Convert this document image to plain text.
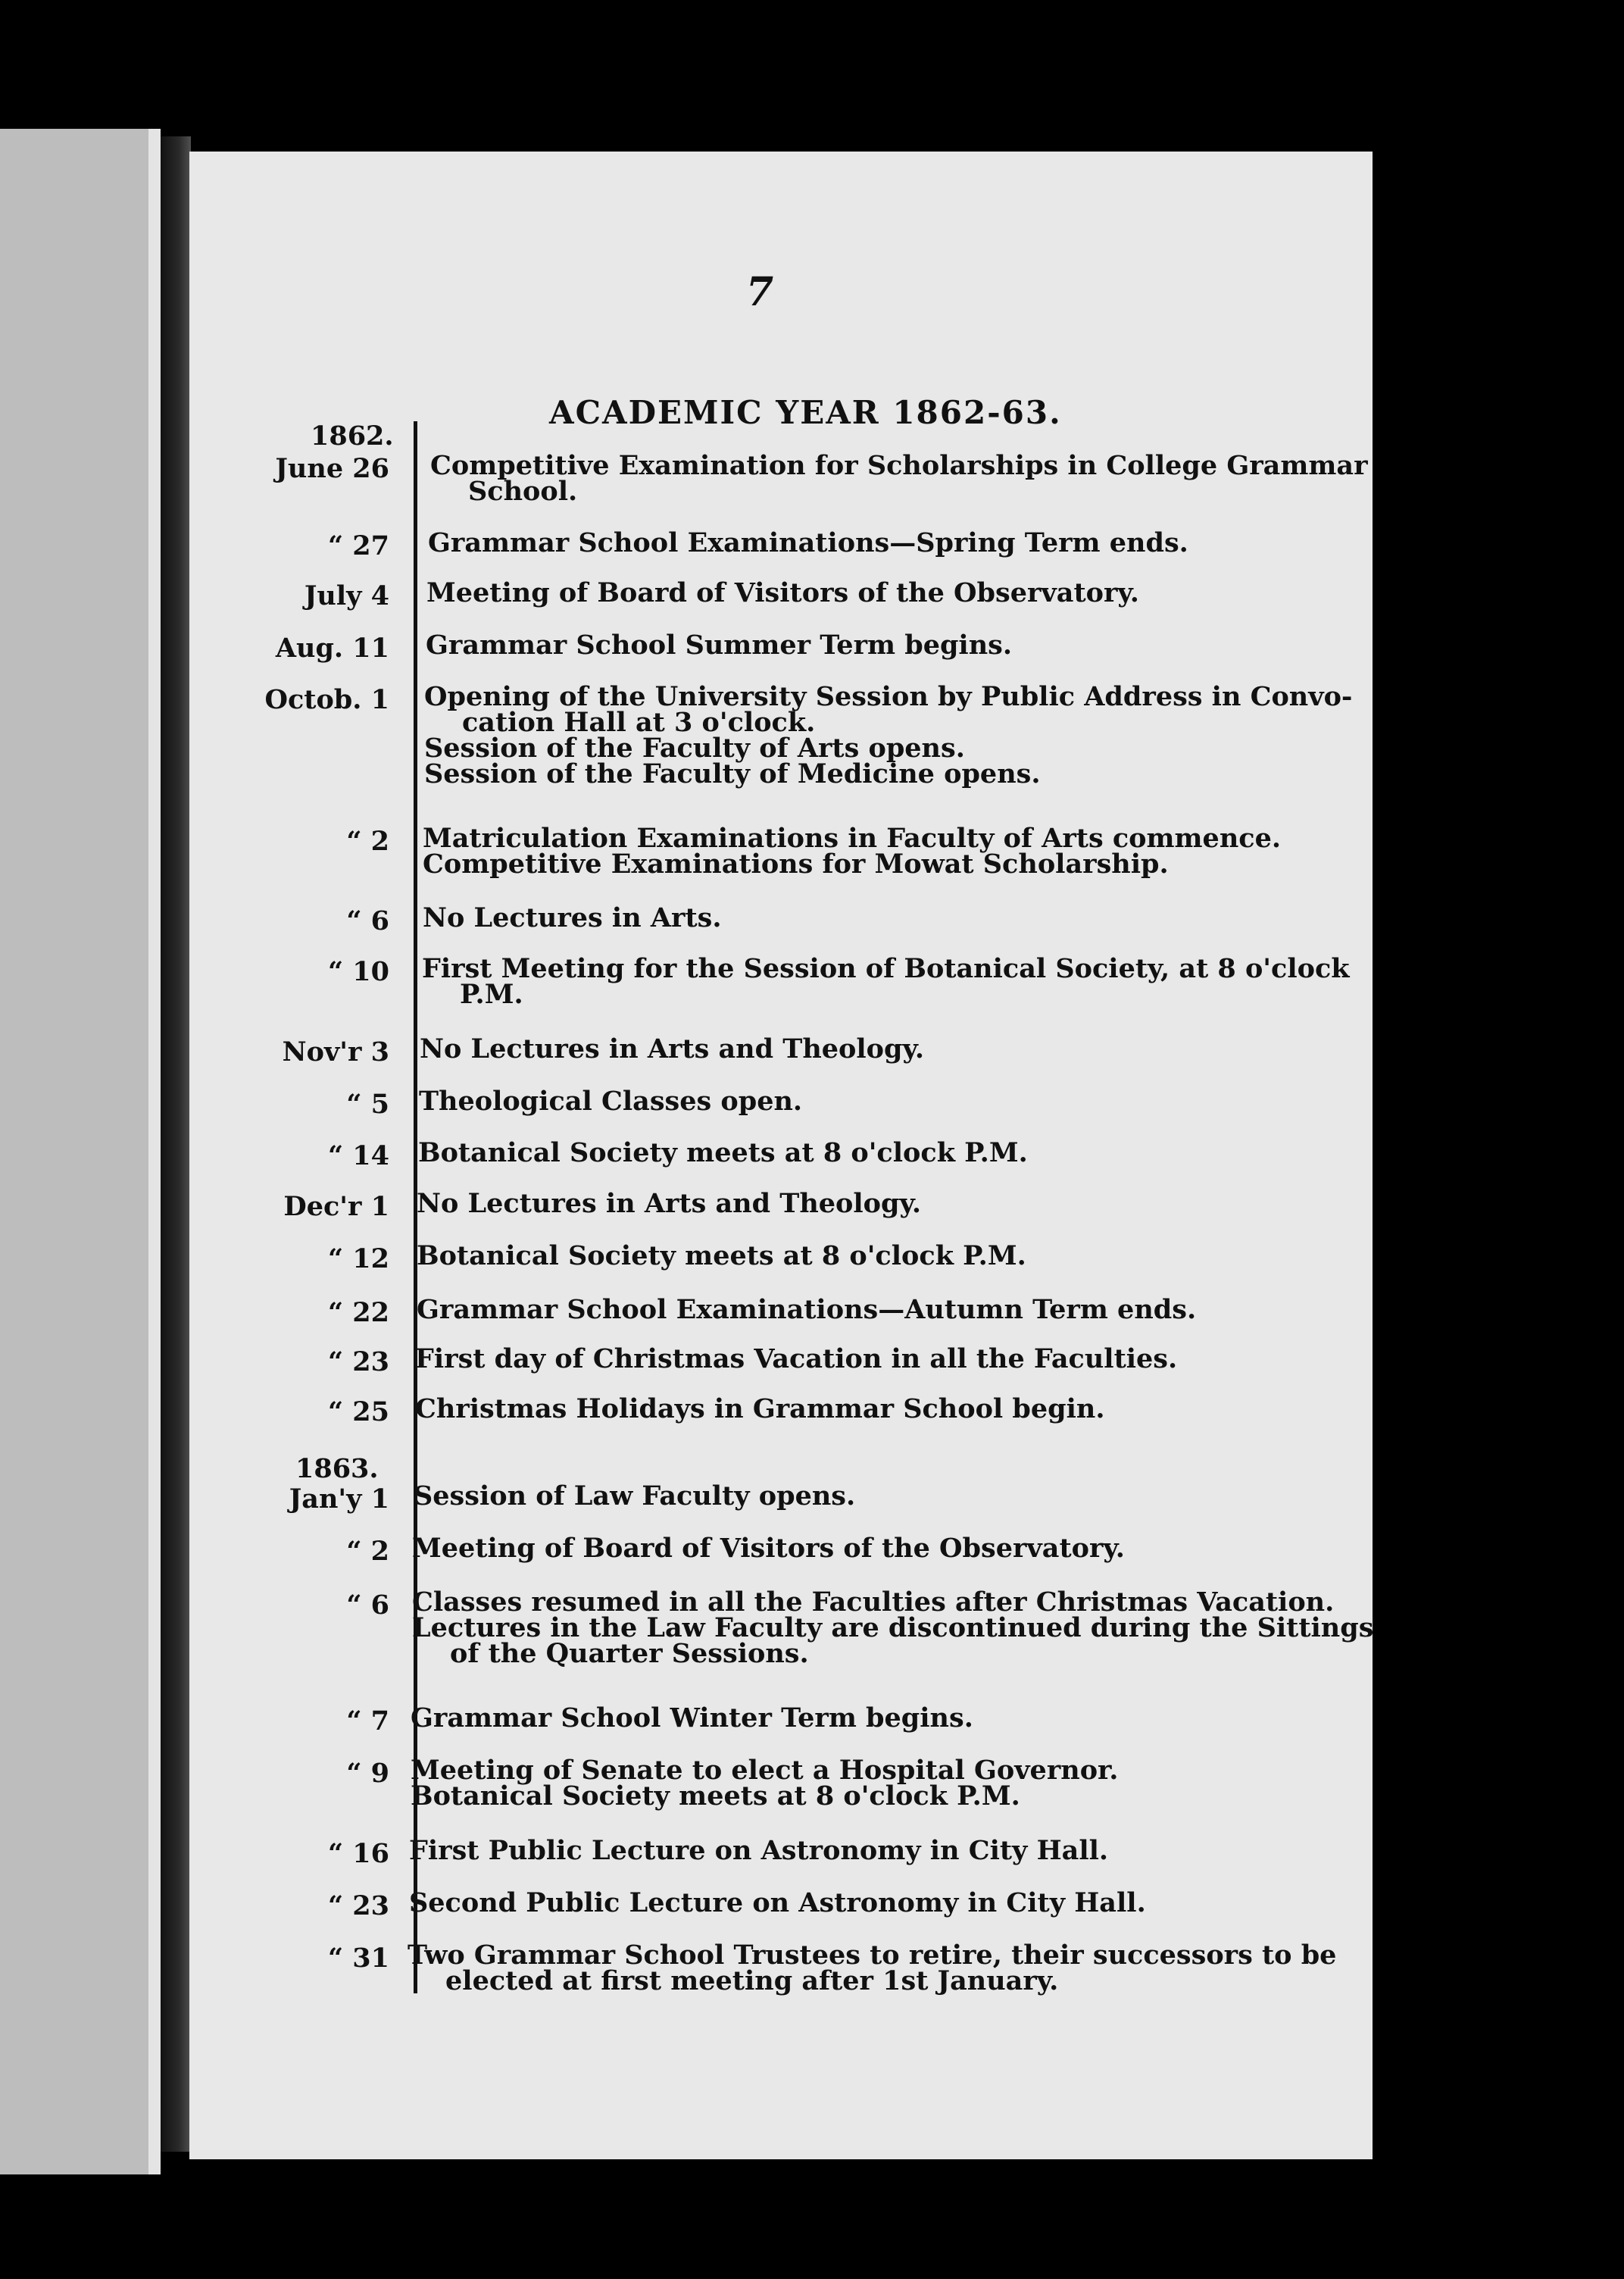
7
ACADEMIC YEAR 1862-63.
1862.
1863.
June 26 Competitive Examination for Scholarships in College Grammar
School.
“ 27 Grammar School Examinations—Spring Term ends.
July 4 Meeting of Board of Visitors of the Observatory.
Aug. 11 Grammar School Summer Term begins.
Octob. 1 Opening of the University Session by Public Address in Convo-
cation Hall at 3 o'clock.
Session of the Faculty of Arts opens.
Session of the Faculty of Medicine opens.
“ 2 Matriculation Examinations in Faculty of Arts commence.
Competitive Examinations for Mowat Scholarship.
“ 6 No Lectures in Arts.
“ 10 First Meeting for the Session of Botanical Society, at 8 o'clock
P.M.
Nov'r 3 No Lectures in Arts and Theology.
“ 5 Theological Classes open.
“ 14 Botanical Society meets at 8 o'clock P.M.
Dec'r 1 No Lectures in Arts and Theology.
“ 12 Botanical Society meets at 8 o'clock P.M.
“ 22 Grammar School Examinations—Autumn Term ends.
“ 23 First day of Christmas Vacation in all the Faculties.
“ 25 Christmas Holidays in Grammar School begin.
Jan'y 1 Session of Law Faculty opens.
“ 2 Meeting of Board of Visitors of the Observatory.
“ 6 Classes resumed in all the Faculties after Christmas Vacation.
Lectures in the Law Faculty are discontinued during the Sittings
of the Quarter Sessions.
“ 7 Grammar School Winter Term begins.
“ 9 Meeting of Senate to elect a Hospital Governor.
Botanical Society meets at 8 o'clock P.M.
“ 16 First Public Lecture on Astronomy in City Hall.
“ 23 Second Public Lecture on Astronomy in City Hall.
“ 31 Two Grammar School Trustees to retire, their successors to be
elected at first meeting after 1st January.
